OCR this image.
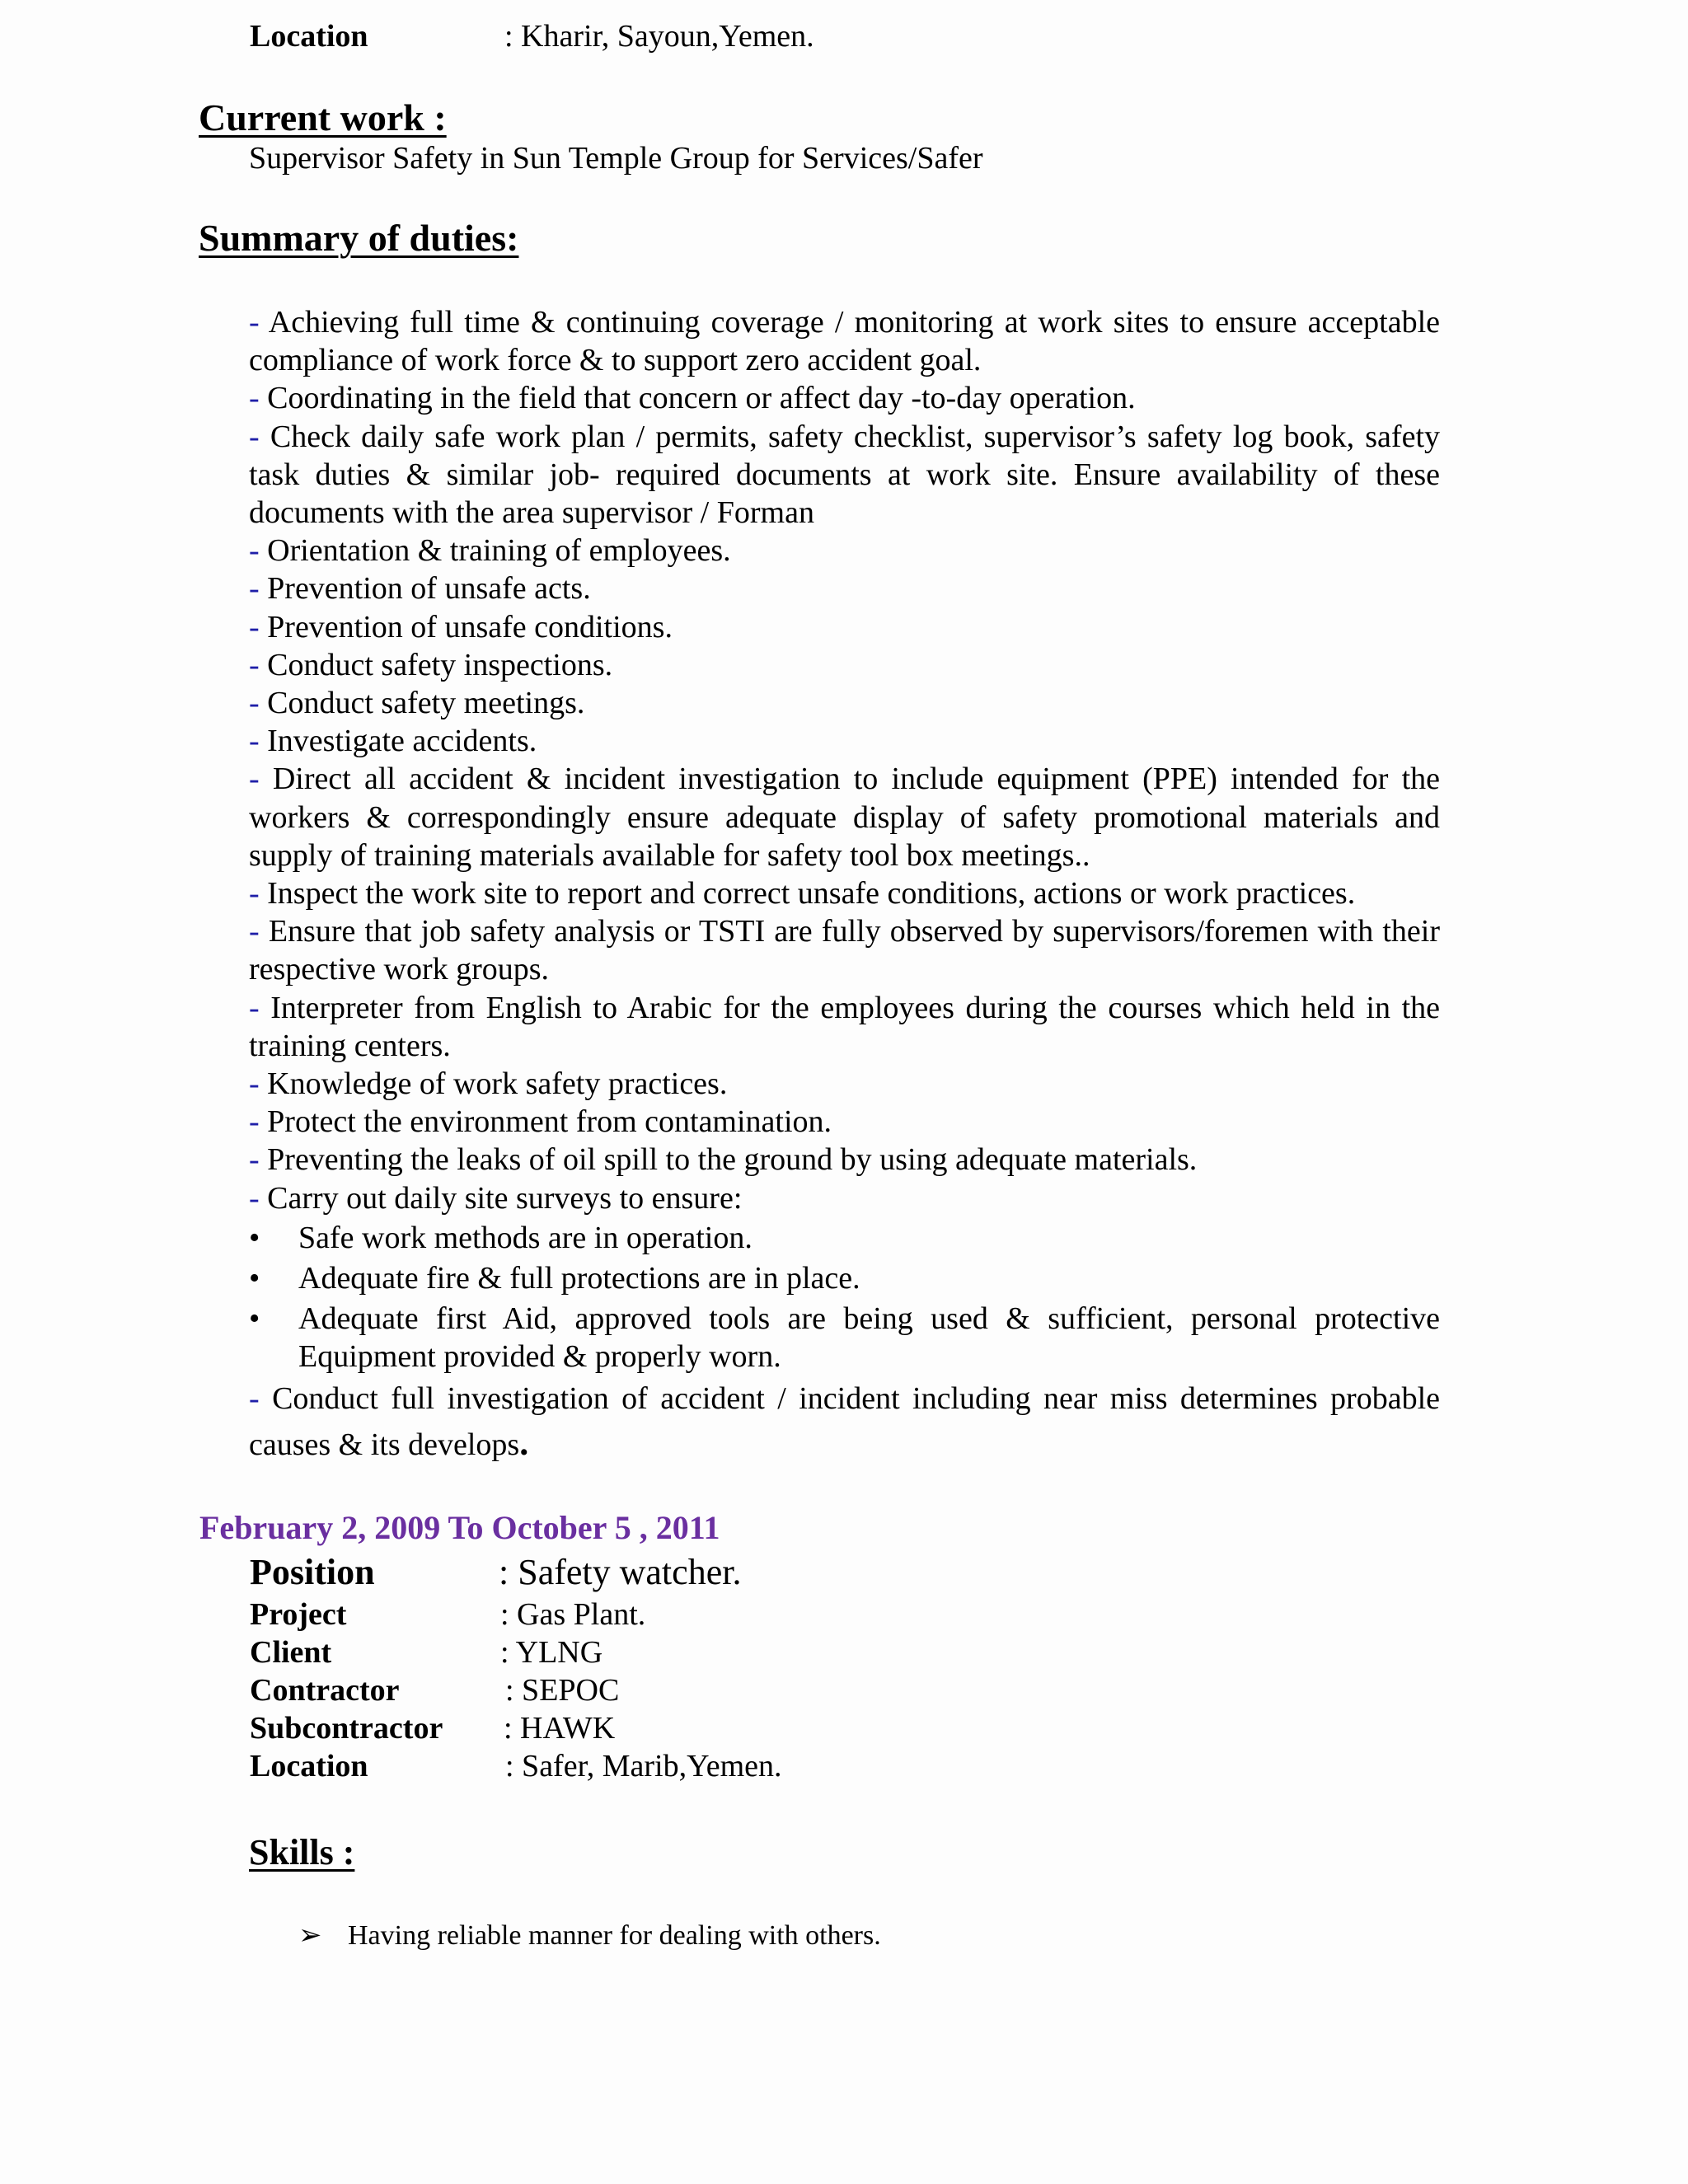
Location	: Kharir, Sayoun,Yemen.
Current work :
Supervisor Safety in Sun Temple Group for Services/Safer
Summary of duties:

- Achieving full time & continuing coverage / monitoring at work sites to ensure acceptable compliance of work force & to support zero accident goal.

- Coordinating in the field that concern or affect day -to-day operation.

- Check daily safe work plan / permits, safety checklist, supervisor’s safety log book, safety task duties & similar job- required documents at work site. Ensure availability of these documents with the area supervisor / Forman

- Orientation & training of employees.

- Prevention of unsafe acts.

- Prevention of unsafe conditions.

- Conduct safety inspections.

- Conduct safety meetings.

- Investigate accidents.

- Direct all accident & incident investigation to include equipment (PPE) intended for the workers & correspondingly ensure adequate display of safety promotional materials and supply of training materials available for safety tool box meetings..

- Inspect the work site to report and correct unsafe conditions, actions or work practices.

- Ensure that job safety analysis or TSTI are fully observed by supervisors/foremen with their respective work groups.

- Interpreter from English to Arabic for the employees during the courses which held in the training centers.

- Knowledge of work safety practices.

- Protect the environment from contamination.

- Preventing the leaks of oil spill to the ground by using adequate materials.

- Carry out daily site surveys to ensure:

• Safe work methods are in operation.

• Adequate fire & full protections are in place.

• Adequate first Aid, approved tools are being used & sufficient, personal protective Equipment provided & properly worn.

- Conduct full investigation of accident / incident including near miss determines probable causes & its develops.

February 2, 2009 To October 5 , 2011
Position	: Safety watcher.
Project	: Gas Plant.
Client	: YLNG
Contractor	: SEPOC
Subcontractor : HAWK
Location	: Safer, Marib,Yemen.
Skills :
➢ Having reliable manner for dealing with others.
